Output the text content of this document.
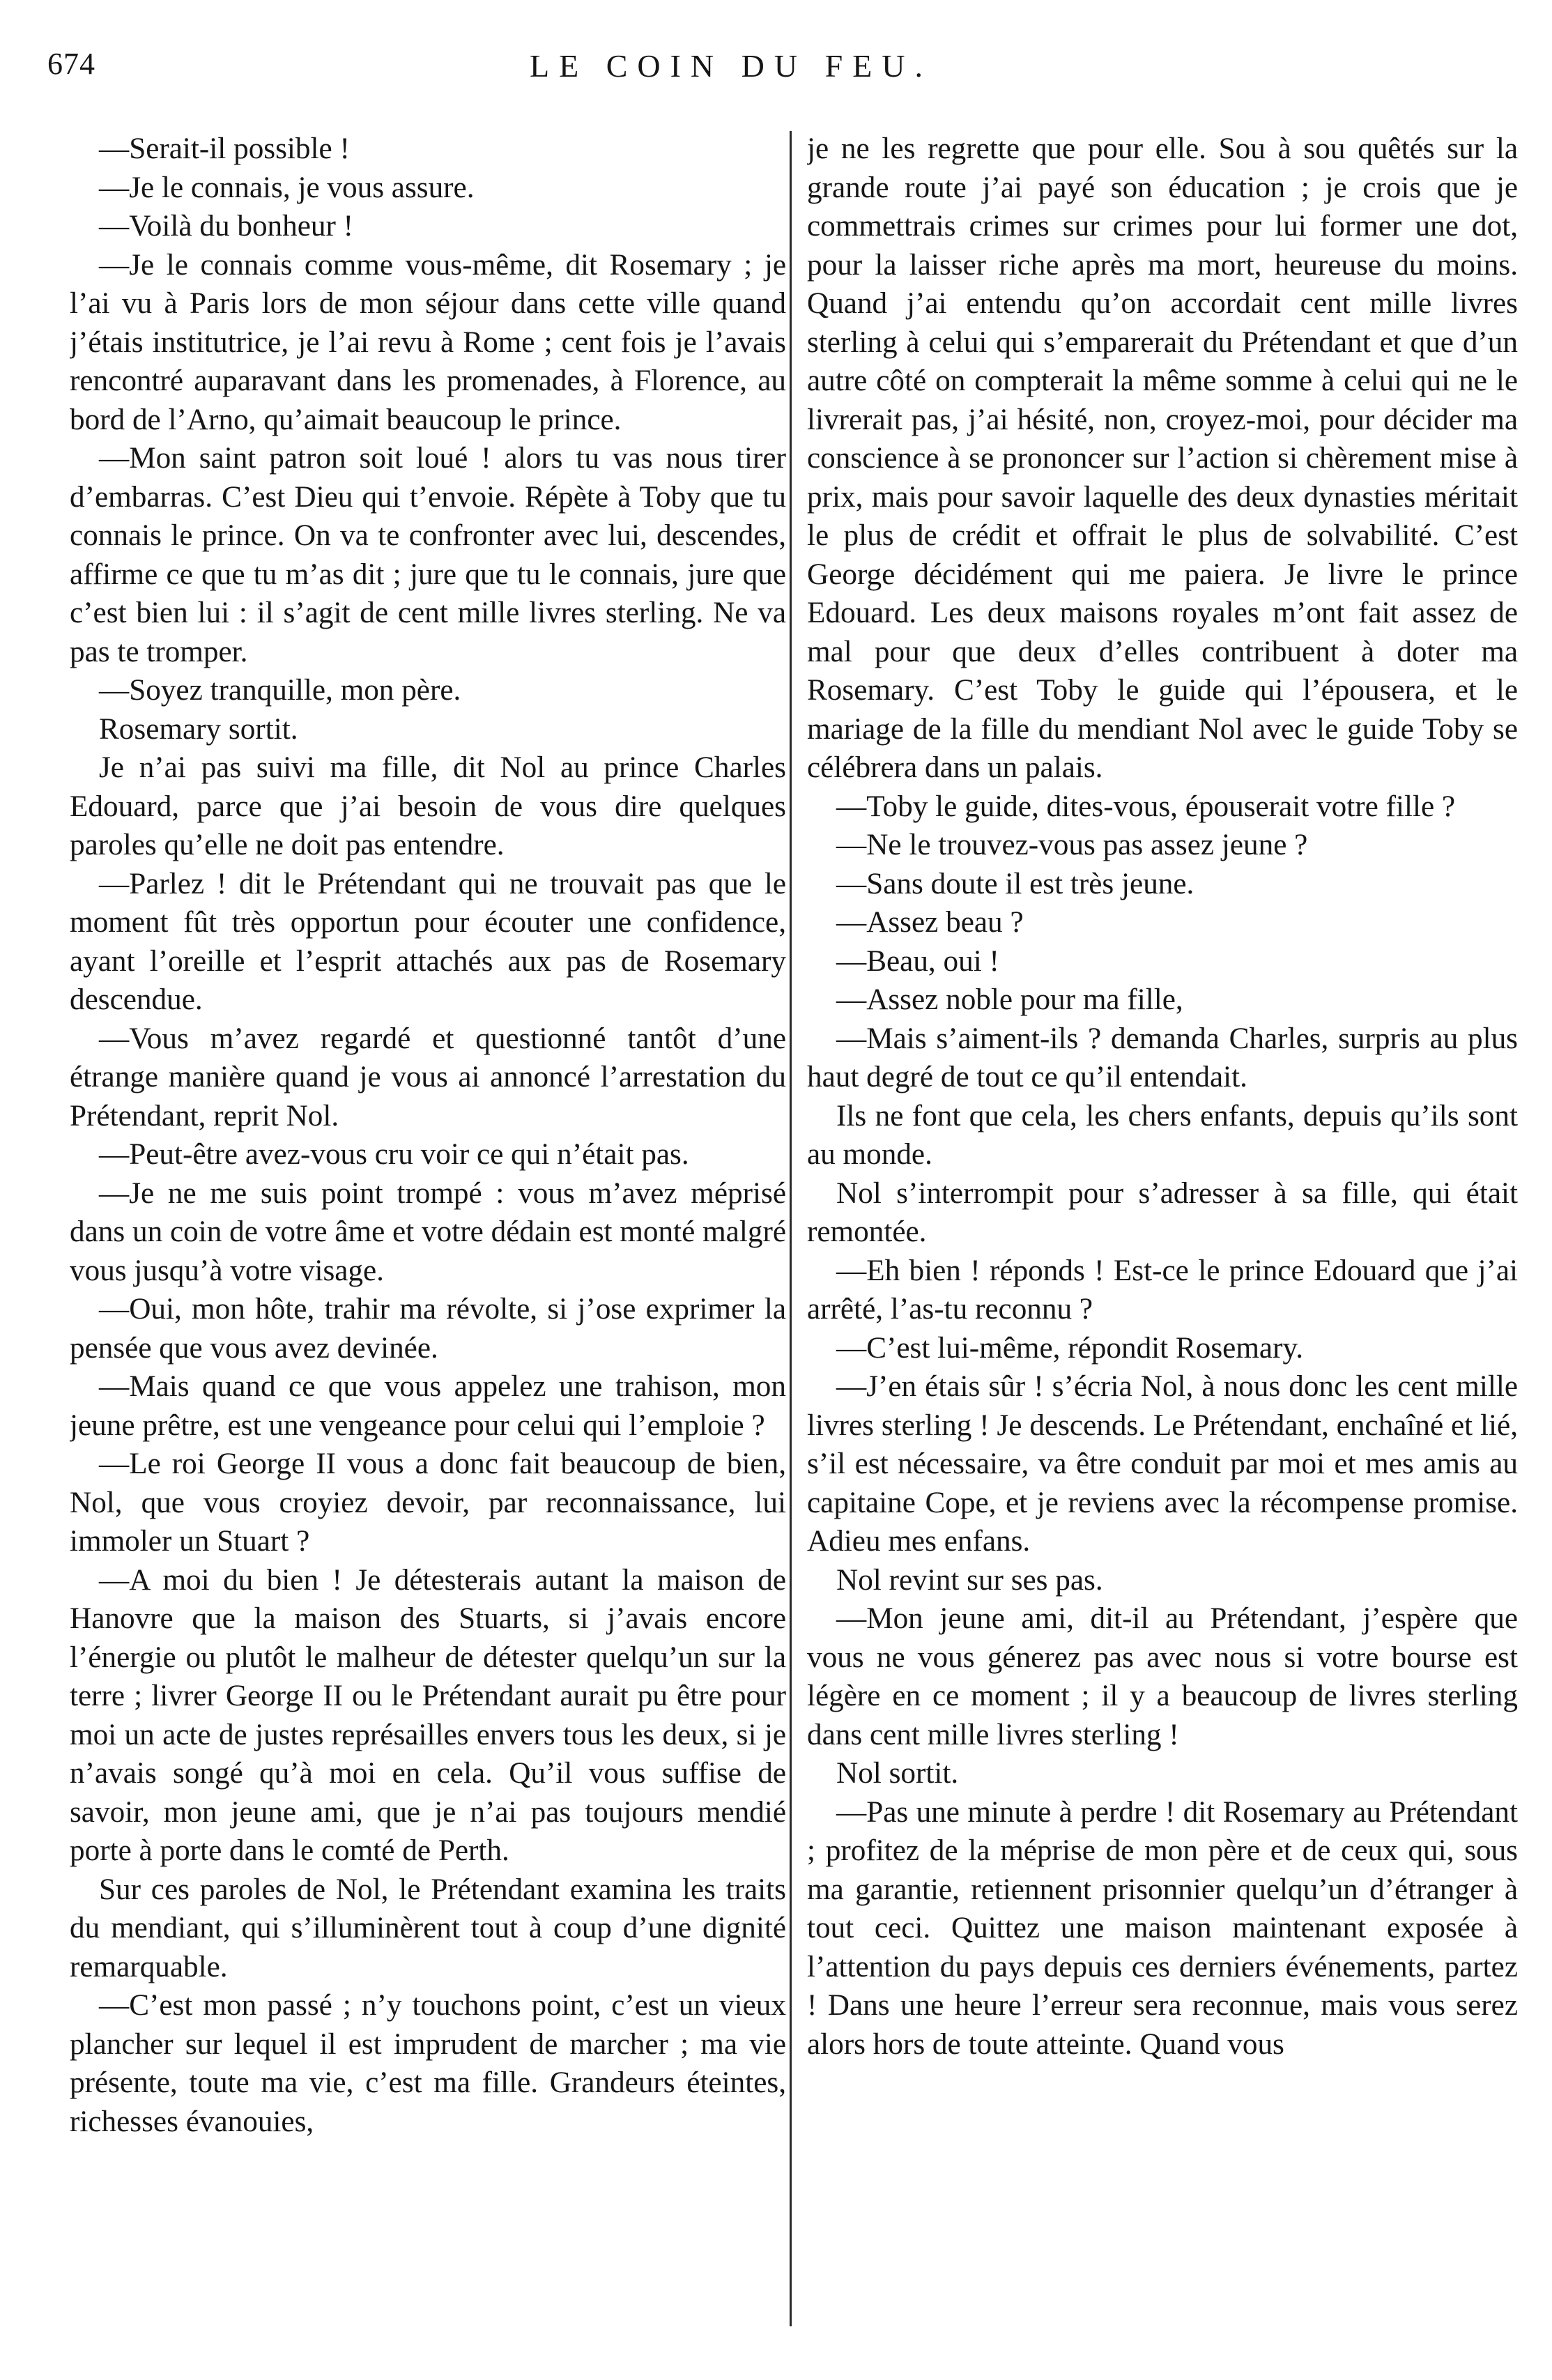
674	LE COIN DU FEU.

—Serait-il possible !

—Je le connais, je vous assure.

—Voilà du bonheur !

—Je le connais comme vous-même, dit Rosemary ; je l’ai vu à Paris lors de mon séjour dans cette ville quand j’étais institutrice, je l’ai revu à Rome ; cent fois je l’avais rencontré auparavant dans les promenades, à Florence, au bord de l’Arno, qu’aimait beaucoup le prince.

—Mon saint patron soit loué ! alors tu vas nous tirer d’embarras. C’est Dieu qui t’envoie. Répète à Toby que tu connais le prince. On va te confronter avec lui, descendes, affirme ce que tu m’as dit ; jure que tu le connais, jure que c’est bien lui : il s’agit de cent mille livres sterling. Ne va pas te tromper.

—Soyez tranquille, mon père.

Rosemary sortit.

Je n’ai pas suivi ma fille, dit Nol au prince Charles Edouard, parce que j’ai besoin de vous dire quelques paroles qu’elle ne doit pas entendre.

—Parlez ! dit le Prétendant qui ne trouvait pas que le moment fût très opportun pour écouter une confidence, ayant l’oreille et l’esprit attachés aux pas de Rosemary descendue.

—Vous m’avez regardé et questionné tantôt d’une étrange manière quand je vous ai annoncé l’arrestation du Prétendant, reprit Nol.

—Peut-être avez-vous cru voir ce qui n’était pas.

—Je ne me suis point trompé : vous m’avez méprisé dans un coin de votre âme et votre dédain est monté malgré vous jusqu’à votre visage.

—Oui, mon hôte, trahir ma révolte, si j’ose exprimer la pensée que vous avez devinée.

—Mais quand ce que vous appelez une trahison, mon jeune prêtre, est une vengeance pour celui qui l’emploie ?

—Le roi George II vous a donc fait beaucoup de bien, Nol, que vous croyiez devoir, par reconnaissance, lui immoler un Stuart ?

—A moi du bien ! Je détesterais autant la maison de Hanovre que la maison des Stuarts, si j’avais encore l’énergie ou plutôt le malheur de détester quelqu’un sur la terre ; livrer George II ou le Prétendant aurait pu être pour moi un acte de justes représailles envers tous les deux, si je n’avais songé qu’à moi en cela. Qu’il vous suffise de savoir, mon jeune ami, que je n’ai pas toujours mendié porte à porte dans le comté de Perth.

Sur ces paroles de Nol, le Prétendant examina les traits du mendiant, qui s’illuminèrent tout à coup d’une dignité remarquable.

—C’est mon passé ; n’y touchons point, c’est un vieux plancher sur lequel il est imprudent de marcher ; ma vie présente, toute ma vie, c’est ma fille. Grandeurs éteintes, richesses évanouies,

je ne les regrette que pour elle. Sou à sou quêtés sur la grande route j’ai payé son éducation ; je crois que je commettrais crimes sur crimes pour lui former une dot, pour la laisser riche après ma mort, heureuse du moins. Quand j’ai entendu qu’on accordait cent mille livres sterling à celui qui s’emparerait du Prétendant et que d’un autre côté on compterait la même somme à celui qui ne le livrerait pas, j’ai hésité, non, croyez-moi, pour décider ma conscience à se prononcer sur l’action si chèrement mise à prix, mais pour savoir laquelle des deux dynasties méritait le plus de crédit et offrait le plus de solvabilité. C’est George décidément qui me paiera. Je livre le prince Edouard. Les deux maisons royales m’ont fait assez de mal pour que deux d’elles contribuent à doter ma Rosemary. C’est Toby le guide qui l’épousera, et le mariage de la fille du mendiant Nol avec le guide Toby se célébrera dans un palais.

—Toby le guide, dites-vous, épouserait votre fille ?

—Ne le trouvez-vous pas assez jeune ?

—Sans doute il est très jeune.

—Assez beau ?

—Beau, oui !

—Assez noble pour ma fille,

—Mais s’aiment-ils ? demanda Charles, surpris au plus haut degré de tout ce qu’il entendait.

Ils ne font que cela, les chers enfants, depuis qu’ils sont au monde.

Nol s’interrompit pour s’adresser à sa fille, qui était remontée.

—Eh bien ! réponds ! Est-ce le prince Edouard que j’ai arrêté, l’as-tu reconnu ?

—C’est lui-même, répondit Rosemary.

—J’en étais sûr ! s’écria Nol, à nous donc les cent mille livres sterling ! Je descends. Le Prétendant, enchaîné et lié, s’il est nécessaire, va être conduit par moi et mes amis au capitaine Cope, et je reviens avec la récompense promise. Adieu mes enfans.

Nol revint sur ses pas.

—Mon jeune ami, dit-il au Prétendant, j’espère que vous ne vous génerez pas avec nous si votre bourse est légère en ce moment ; il y a beaucoup de livres sterling dans cent mille livres sterling !

Nol sortit.

—Pas une minute à perdre ! dit Rosemary au Prétendant ; profitez de la méprise de mon père et de ceux qui, sous ma garantie, retiennent prisonnier quelqu’un d’étranger à tout ceci. Quittez une maison maintenant exposée à l’attention du pays depuis ces derniers événements, partez ! Dans une heure l’erreur sera reconnue, mais vous serez alors hors de toute atteinte. Quand vous
